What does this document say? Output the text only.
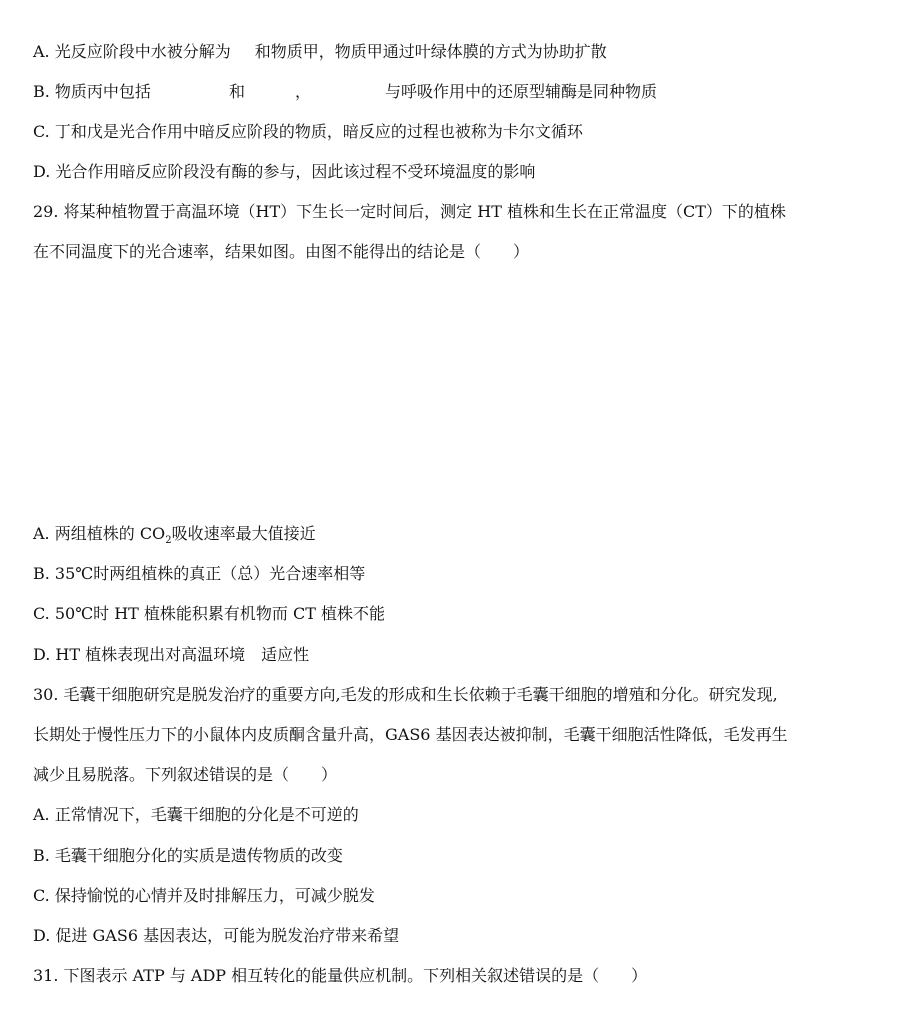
A. 光反应阶段中水被分解为 和物质甲，物质甲通过叶绿体膜的方式为协助扩散
B. 物质丙中包括	和	，	与呼吸作用中的还原型辅酶是同种物质
C. 丁和戊是光合作用中暗反应阶段的物质，暗反应的过程也被称为卡尔文循环
D. 光合作用暗反应阶段没有酶的参与，因此该过程不受环境温度的影响
29. 将某种植物置于高温环境（HT）下生长一定时间后，测定 HT 植株和生长在正常温度（CT）下的植株
在不同温度下的光合速率，结果如图。由图不能得出的结论是（　　）
A. 两组植株的 $CO_2$吸收速率最大值接近
B. 35℃时两组植株的真正（总）光合速率相等
C. 50℃时 HT 植株能积累有机物而 CT 植株不能
D. HT 植株表现出对高温环境 适应性
30. 毛囊干细胞研究是脱发治疗的重要方向,毛发的形成和生长依赖于毛囊干细胞的增殖和分化。研究发现,
长期处于慢性压力下的小鼠体内皮质酮含量升高，GAS6 基因表达被抑制，毛囊干细胞活性降低，毛发再生
减少且易脱落。下列叙述错误的是（　　）
A. 正常情况下，毛囊干细胞的分化是不可逆的
B. 毛囊干细胞分化的实质是遗传物质的改变
C. 保持愉悦的心情并及时排解压力，可减少脱发
D. 促进 GAS6 基因表达，可能为脱发治疗带来希望
31. 下图表示 ATP 与 ADP 相互转化的能量供应机制。下列相关叙述错误的是（　　）
